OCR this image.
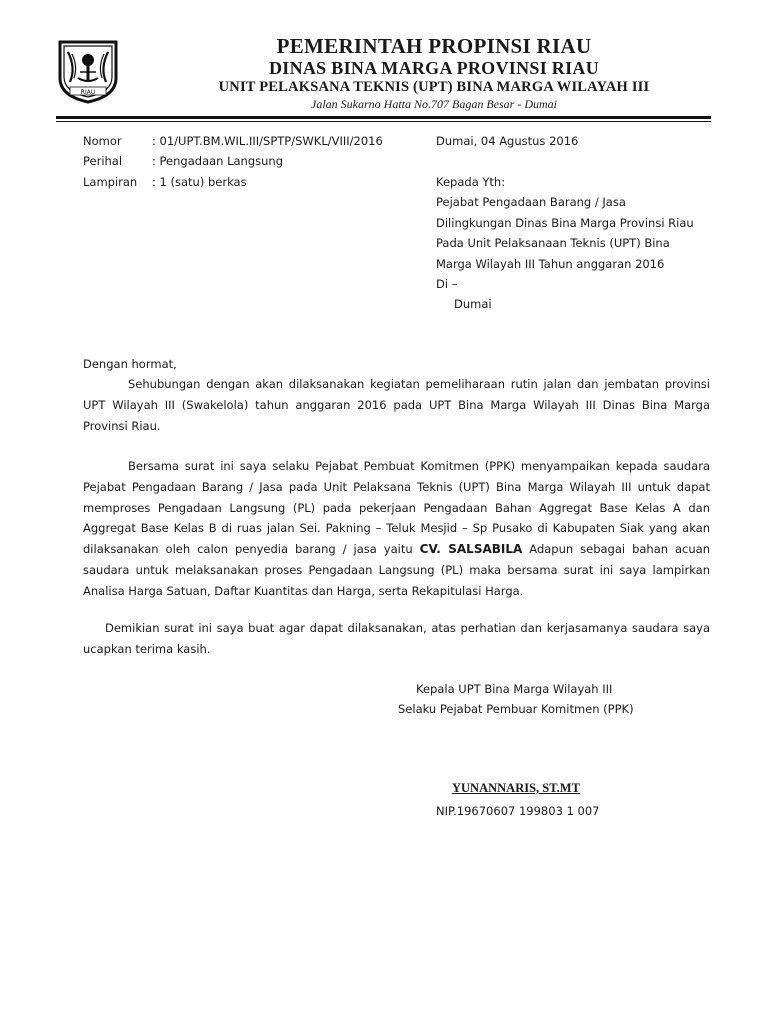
RIAU
PEMERINTAH PROPINSI RIAU
DINAS BINA MARGA PROVINSI RIAU
UNIT PELAKSANA TEKNIS (UPT) BINA MARGA WILAYAH III
Jalan Sukarno Hatta No.707 Bagan Besar - Dumai
Nomor	: 01/UPT.BM.WIL.III/SPTP/SWKL/VIII/2016	Dumai, 04 Agustus 2016
Perihal	: Pengadaan Langsung
Lampiran	: 1 (satu) berkas	Kepada Yth:
Pejabat Pengadaan Barang / Jasa
Dilingkungan Dinas Bina Marga Provinsi Riau
Pada Unit Pelaksanaan Teknis (UPT) Bina
Marga Wilayah III Tahun anggaran 2016
Di –
Dumai
Dengan hormat,

Sehubungan dengan akan dilaksanakan kegiatan pemeliharaan rutin jalan dan jembatan provinsi UPT Wilayah III (Swakelola) tahun anggaran 2016 pada UPT Bina Marga Wilayah III Dinas Bina Marga Provinsi Riau.

Bersama surat ini saya selaku Pejabat Pembuat Komitmen (PPK) menyampaikan kepada saudara Pejabat Pengadaan Barang / Jasa pada Unit Pelaksana Teknis (UPT) Bina Marga Wilayah III untuk dapat memproses Pengadaan Langsung (PL) pada pekerjaan Pengadaan Bahan Aggregat Base Kelas A dan Aggregat Base Kelas B di ruas jalan Sei. Pakning – Teluk Mesjid – Sp Pusako di Kabupaten Siak yang akan dilaksanakan oleh calon penyedia barang / jasa yaitu CV. SALSABILA Adapun sebagai bahan acuan saudara untuk melaksanakan proses Pengadaan Langsung (PL) maka bersama surat ini saya lampirkan Analisa Harga Satuan, Daftar Kuantitas dan Harga, serta Rekapitulasi Harga.

Demikian surat ini saya buat agar dapat dilaksanakan, atas perhatian dan kerjasamanya saudara saya ucapkan terima kasih.

Kepala UPT Bina Marga Wilayah III
Selaku Pejabat Pembuar Komitmen (PPK)
YUNANNARIS, ST.MT
NIP.19670607 199803 1 007
